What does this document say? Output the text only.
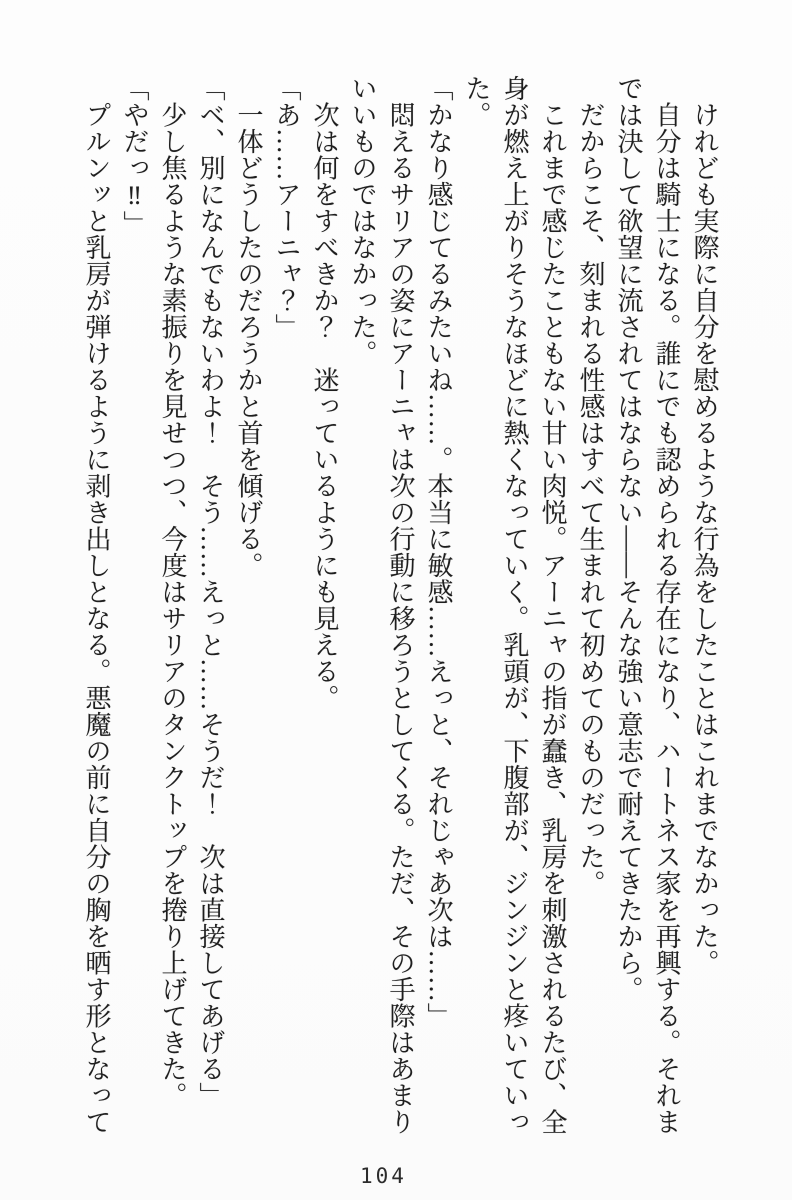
　けれども実際に自分を慰めるような行為をしたことはこれまでなかった。

　自分は騎士になる。誰にでも認められる存在になり、ハートネス家を再興する。それまでは決して欲望に流されてはならない――そんな強い意志で耐えてきたから。

　だからこそ、刻まれる性感はすべて生まれて初めてのものだった。

　これまで感じたこともない甘い肉悦。アーニャの指が蠢き、乳房を刺激されるたび、全身が燃え上がりそうなほどに熱くなっていく。乳頭が、下腹部が、ジンジンと疼いていった。

「かなり感じてるみたいね……。本当に敏感……えっと、それじゃあ次は……」

　悶えるサリアの姿にアーニャは次の行動に移ろうとしてくる。ただ、その手際はあまりいいものではなかった。

　次は何をすべきか？　迷っているようにも見える。

「あ……アーニャ？」

　一体どうしたのだろうかと首を傾げる。

「ベ、別になんでもないわよ！　そう……えっと……そうだ！　次は直接してあげる」

　少し焦るような素振りを見せつつ、今度はサリアのタンクトップを捲り上げてきた。

「やだっ‼」

　プルンッと乳房が弾けるように剥き出しとなる。悪魔の前に自分の胸を晒す形となって

104
